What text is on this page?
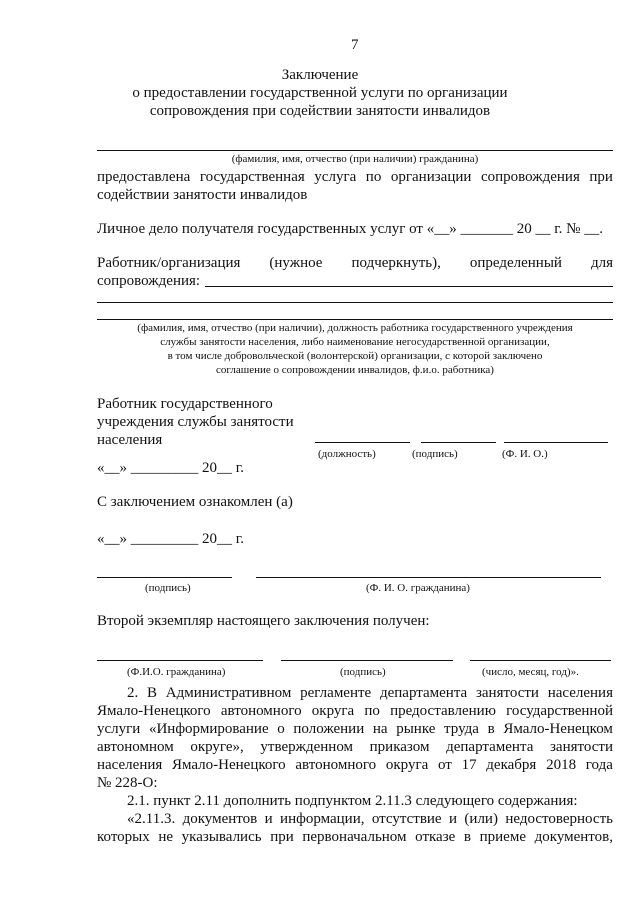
7
Заключение
о предоставлении государственной услуги по организации
сопровождения при содействии занятости инвалидов
(фамилия, имя, отчество (при наличии) гражданина)
предоставлена государственная услуга по организации сопровождения при
содействии занятости инвалидов
Личное дело получателя государственных услуг от «__» _______ 20 __ г. № __.
Работник/организация (нужное подчеркнуть), определенный для
сопровождения:
(фамилия, имя, отчество (при наличии), должность работника государственного учреждения
службы занятости населения, либо наименование негосударственной организации,
в том числе добровольческой (волонтерской) организации, с которой заключено
соглашение о сопровождении инвалидов, ф.и.о. работника)
Работник государственного
учреждения службы занятости
населения
(должность)	(подпись)	(Ф. И. О.)
«__» _________ 20__ г.
С заключением ознакомлен (а)
«__» _________ 20__ г.
(подпись)	(Ф. И. О. гражданина)
Второй экземпляр настоящего заключения получен:
(Ф.И.О. гражданина)	(подпись)	(число, месяц, год)».
2. В Административном регламенте департамента занятости населения
Ямало-Ненецкого автономного округа по предоставлению государственной
услуги «Информирование о положении на рынке труда в Ямало-Ненецком
автономном округе», утвержденном приказом департамента занятости
населения Ямало-Ненецкого автономного округа от 17 декабря 2018 года
№ 228-О:
2.1. пункт 2.11 дополнить подпунктом 2.11.3 следующего содержания:
«2.11.3. документов и информации, отсутствие и (или) недостоверность
которых не указывались при первоначальном отказе в приеме документов,
